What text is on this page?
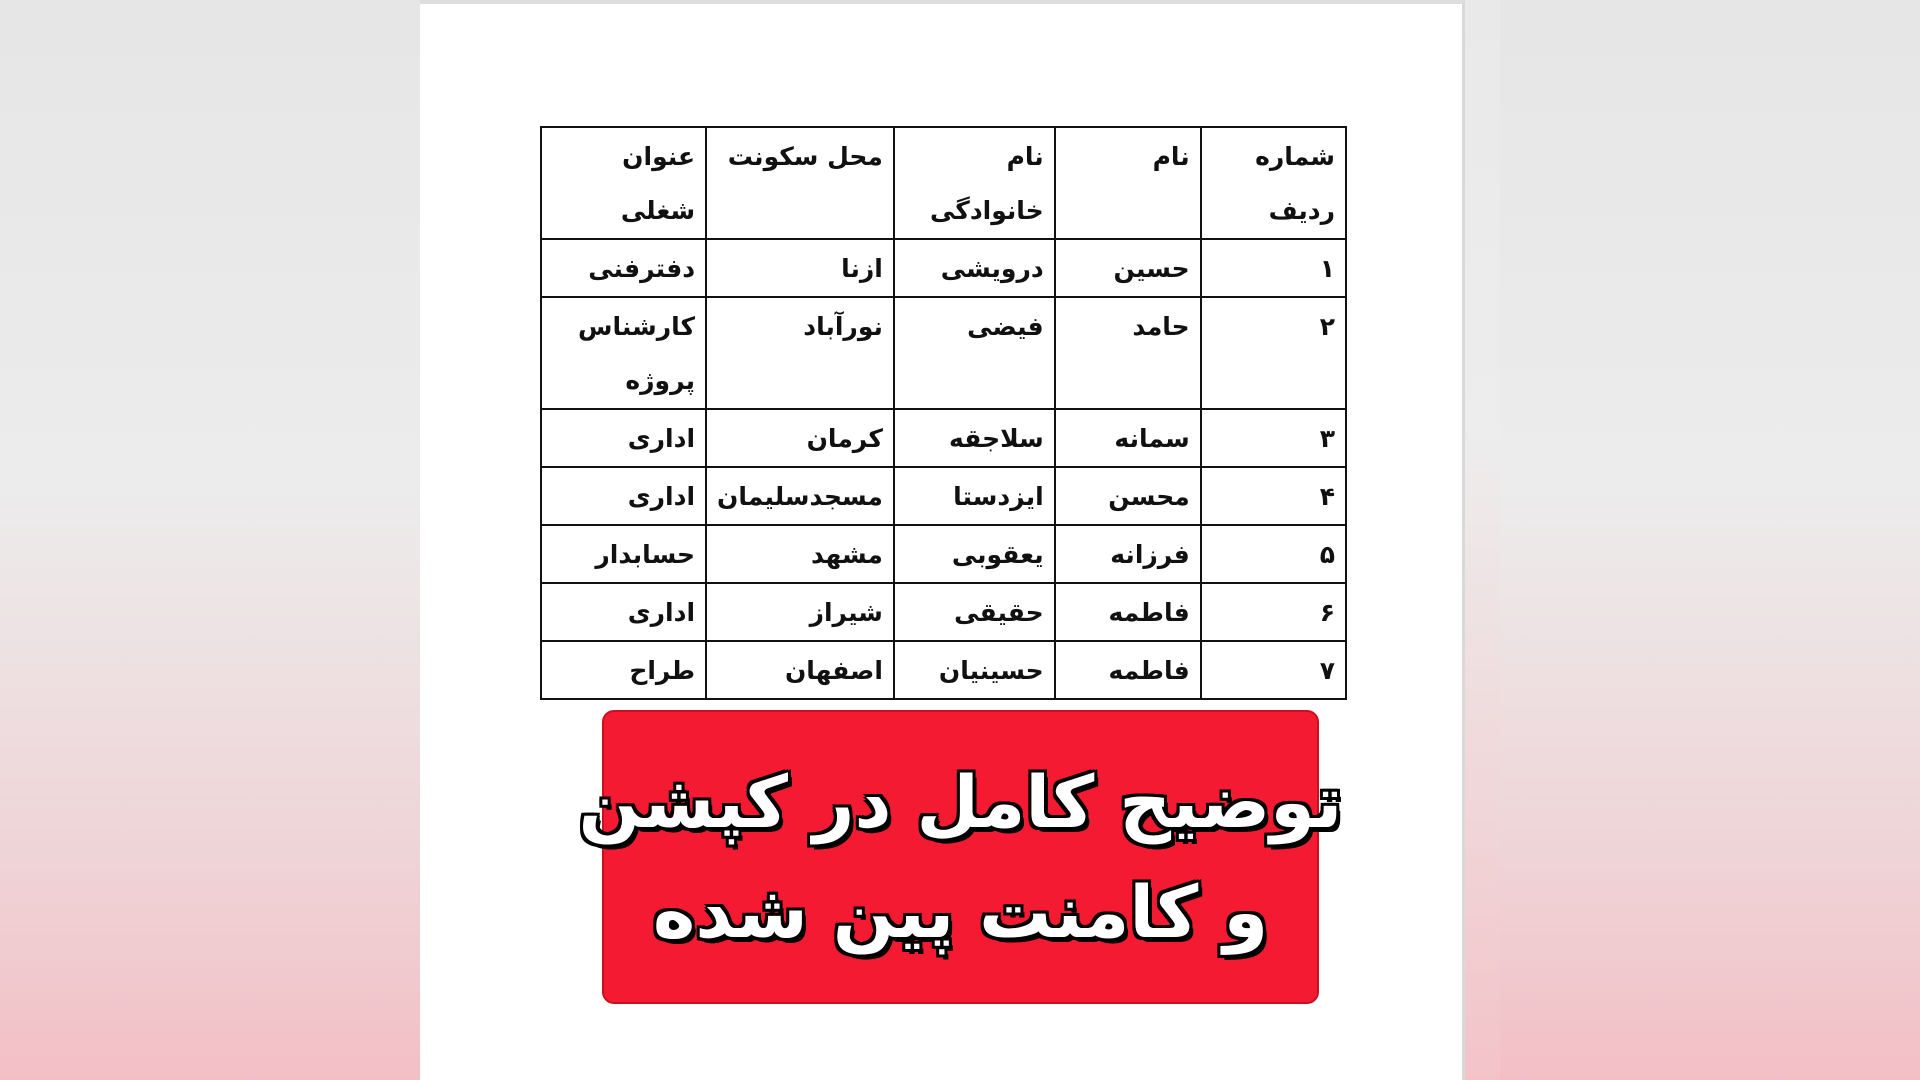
شماره ردیف	نام	نام خانوادگی	محل سکونت	عنوان شغلی
۱	حسین	درویشی	ازنا	دفترفنی
۲	حامد	فیضی	نورآباد	کارشناس پروژه
۳	سمانه	سلاجقه	کرمان	اداری
۴	محسن	ایزدستا	مسجدسلیمان	اداری
۵	فرزانه	یعقوبی	مشهد	حسابدار
۶	فاطمه	حقیقی	شیراز	اداری
۷	فاطمه	حسینیان	اصفهان	طراح
توضیح کامل در کپشن
و کامنت پین شده
